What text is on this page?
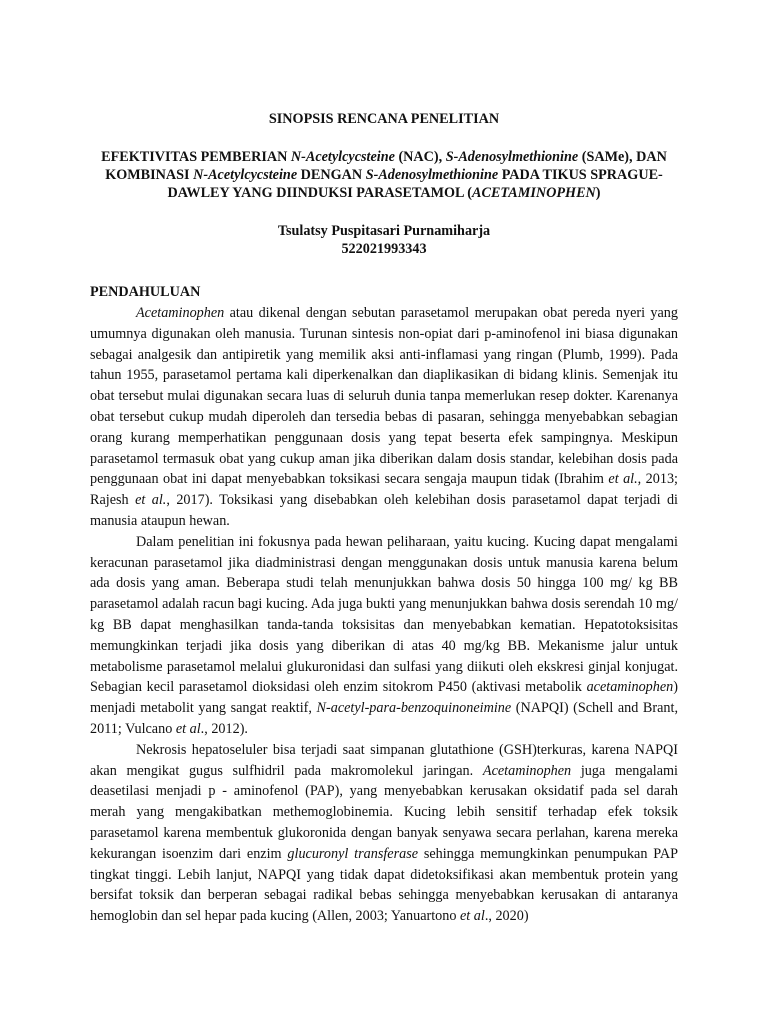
SINOPSIS RENCANA PENELITIAN
EFEKTIVITAS PEMBERIAN N-Acetylcycsteine (NAC), S-Adenosylmethionine (SAMe), DAN KOMBINASI N-Acetylcycsteine DENGAN S-Adenosylmethionine PADA TIKUS SPRAGUE-DAWLEY YANG DIINDUKSI PARASETAMOL (ACETAMINOPHEN)
Tsulatsy Puspitasari Purnamiharja
522021993343
PENDAHULUAN

Acetaminophen atau dikenal dengan sebutan parasetamol merupakan obat pereda nyeri yang umumnya digunakan oleh manusia. Turunan sintesis non-opiat dari p-aminofenol ini biasa digunakan sebagai analgesik dan antipiretik yang memilik aksi anti-inflamasi yang ringan (Plumb, 1999). Pada tahun 1955, parasetamol pertama kali diperkenalkan dan diaplikasikan di bidang klinis. Semenjak itu obat tersebut mulai digunakan secara luas di seluruh dunia tanpa memerlukan resep dokter. Karenanya obat tersebut cukup mudah diperoleh dan tersedia bebas di pasaran, sehingga menyebabkan sebagian orang kurang memperhatikan penggunaan dosis yang tepat beserta efek sampingnya. Meskipun parasetamol termasuk obat yang cukup aman jika diberikan dalam dosis standar, kelebihan dosis pada penggunaan obat ini dapat menyebabkan toksikasi secara sengaja maupun tidak (Ibrahim et al., 2013; Rajesh et al., 2017). Toksikasi yang disebabkan oleh kelebihan dosis parasetamol dapat terjadi di manusia ataupun hewan.

Dalam penelitian ini fokusnya pada hewan peliharaan, yaitu kucing. Kucing dapat mengalami keracunan parasetamol jika diadministrasi dengan menggunakan dosis untuk manusia karena belum ada dosis yang aman. Beberapa studi telah menunjukkan bahwa dosis 50 hingga 100 mg/ kg BB parasetamol adalah racun bagi kucing. Ada juga bukti yang menunjukkan bahwa dosis serendah 10 mg/ kg BB dapat menghasilkan tanda-tanda toksisitas dan menyebabkan kematian. Hepatotoksisitas memungkinkan terjadi jika dosis yang diberikan di atas 40 mg/kg BB. Mekanisme jalur untuk metabolisme parasetamol melalui glukuronidasi dan sulfasi yang diikuti oleh ekskresi ginjal konjugat. Sebagian kecil parasetamol dioksidasi oleh enzim sitokrom P450 (aktivasi metabolik acetaminophen) menjadi metabolit yang sangat reaktif, N-acetyl-para-benzoquinoneimine (NAPQI) (Schell and Brant, 2011; Vulcano et al., 2012).

Nekrosis hepatoseluler bisa terjadi saat simpanan glutathione (GSH)terkuras, karena NAPQI akan mengikat gugus sulfhidril pada makromolekul jaringan. Acetaminophen juga mengalami deasetilasi menjadi p - aminofenol (PAP), yang menyebabkan kerusakan oksidatif pada sel darah merah yang mengakibatkan methemoglobinemia. Kucing lebih sensitif terhadap efek toksik parasetamol karena membentuk glukoronida dengan banyak senyawa secara perlahan, karena mereka kekurangan isoenzim dari enzim glucuronyl transferase sehingga memungkinkan penumpukan PAP tingkat tinggi. Lebih lanjut, NAPQI yang tidak dapat didetoksifikasi akan membentuk protein yang bersifat toksik dan berperan sebagai radikal bebas sehingga menyebabkan kerusakan di antaranya hemoglobin dan sel hepar pada kucing (Allen, 2003; Yanuartono et al., 2020)
